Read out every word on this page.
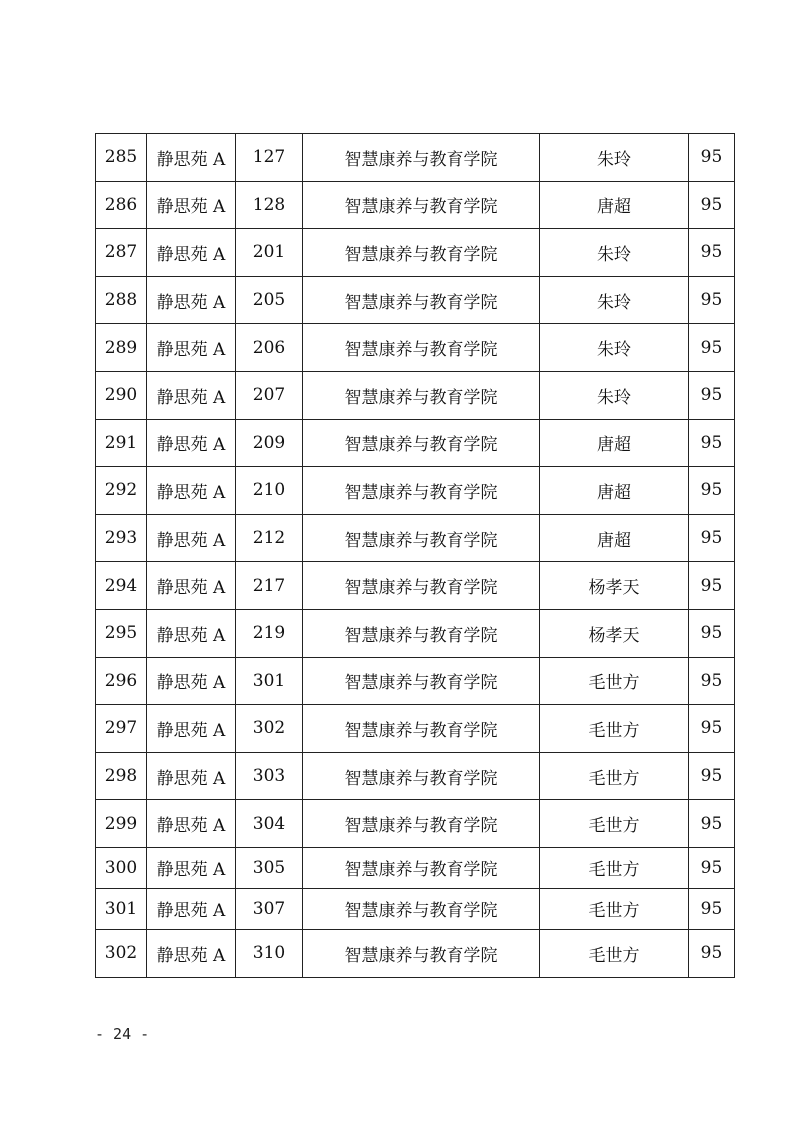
285	静思苑 A	127	智慧康养与教育学院	朱玲	95
286	静思苑 A	128	智慧康养与教育学院	唐超	95
287	静思苑 A	201	智慧康养与教育学院	朱玲	95
288	静思苑 A	205	智慧康养与教育学院	朱玲	95
289	静思苑 A	206	智慧康养与教育学院	朱玲	95
290	静思苑 A	207	智慧康养与教育学院	朱玲	95
291	静思苑 A	209	智慧康养与教育学院	唐超	95
292	静思苑 A	210	智慧康养与教育学院	唐超	95
293	静思苑 A	212	智慧康养与教育学院	唐超	95
294	静思苑 A	217	智慧康养与教育学院	杨孝天	95
295	静思苑 A	219	智慧康养与教育学院	杨孝天	95
296	静思苑 A	301	智慧康养与教育学院	毛世方	95
297	静思苑 A	302	智慧康养与教育学院	毛世方	95
298	静思苑 A	303	智慧康养与教育学院	毛世方	95
299	静思苑 A	304	智慧康养与教育学院	毛世方	95
300	静思苑 A	305	智慧康养与教育学院	毛世方	95
301	静思苑 A	307	智慧康养与教育学院	毛世方	95
302	静思苑 A	310	智慧康养与教育学院	毛世方	95
- 24 -
